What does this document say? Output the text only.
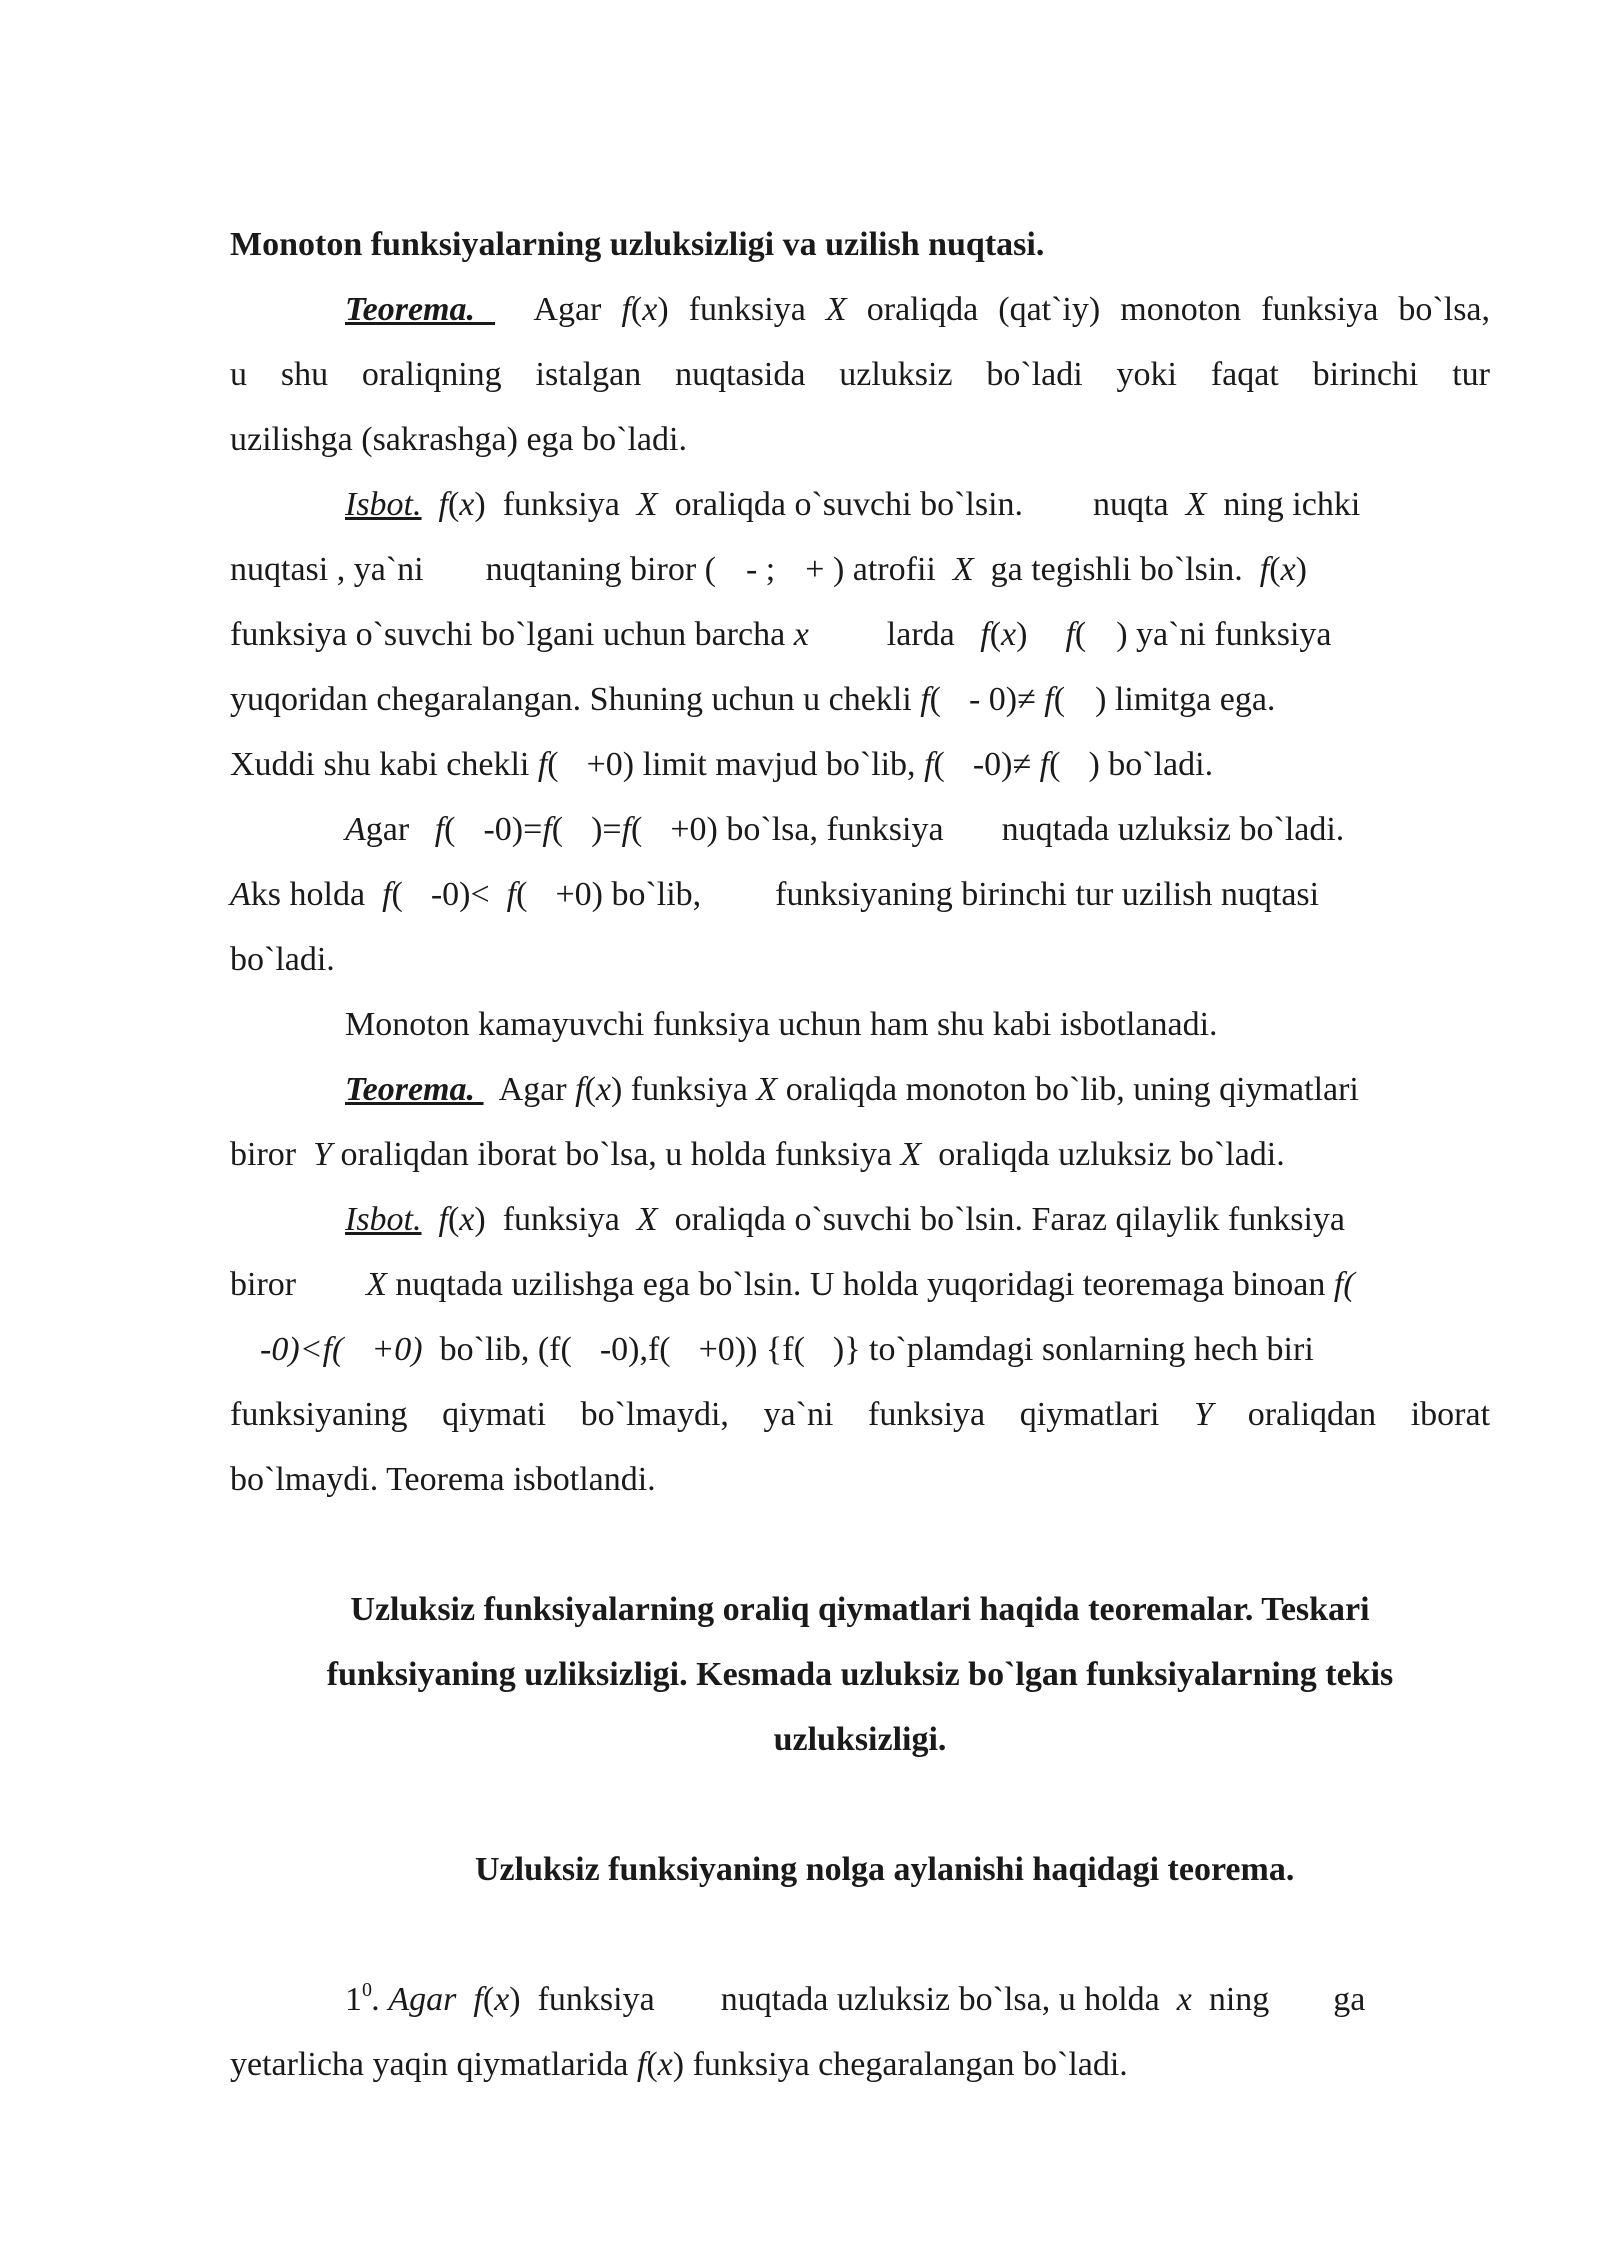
Monoton funksiyalarning uzluksizligi va uzilish nuqtasi.
Teorema.   Agar f(x) funksiya X oraliqda (qat`iy) monoton funksiya bo`lsa,
u shu oraliqning istalgan nuqtasida uzluksiz bo`ladi yoki faqat birinchi tur
uzilishga (sakrashga) ega bo`ladi.
Isbot. f(x)  funksiya X oraliqda o`suvchi bo`lsin. nuqta X ning ichki
nuqtasi , ya`ni nuqtaning biror ( - ; + ) atrofii X ga tegishli bo`lsin. f(x)
funksiya o`suvchi bo`lgani uchun barcha x larda f(x) f( ) ya`ni funksiya
yuqoridan chegaralangan. Shuning uchun u chekli f( - 0)≠ f( ) limitga ega.
Xuddi shu kabi chekli f( +0) limit mavjud bo`lib, f( -0)≠ f( ) bo`ladi.
Agar f( -0)=f( )=f( +0) bo`lsa, funksiya nuqtada uzluksiz bo`ladi.
Aks holda f( -0)< f( +0) bo`lib, funksiyaning birinchi tur uzilish nuqtasi
bo`ladi.
Monoton kamayuvchi funksiya uchun ham shu kabi isbotlanadi.
Teorema.   Agar f(x) funksiya X oraliqda monoton bo`lib, uning qiymatlari
biror Y oraliqdan iborat bo`lsa, u holda funksiya X oraliqda uzluksiz bo`ladi.
Isbot. f(x)  funksiya X oraliqda o`suvchi bo`lsin. Faraz qilaylik funksiya
biror X nuqtada uzilishga ega bo`lsin. U holda yuqoridagi teoremaga binoan f(
-0)<f( +0) bo`lib, (f( -0),f( +0)) {f( )} to`plamdagi sonlarning hech biri
funksiyaning qiymati bo`lmaydi, ya`ni funksiya qiymatlari Y oraliqdan iborat
bo`lmaydi. Teorema isbotlandi.
Uzluksiz funksiyalarning oraliq qiymatlari haqida teoremalar. Teskari
funksiyaning uzliksizligi. Kesmada uzluksiz bo`lgan funksiyalarning tekis
uzluksizligi.
Uzluksiz funksiyaning nolga aylanishi haqidagi teorema.
$1^0$. Agar f(x)  funksiya nuqtada uzluksiz bo`lsa, u holda x ning ga
yetarlicha yaqin qiymatlarida f(x) funksiya chegaralangan bo`ladi.
